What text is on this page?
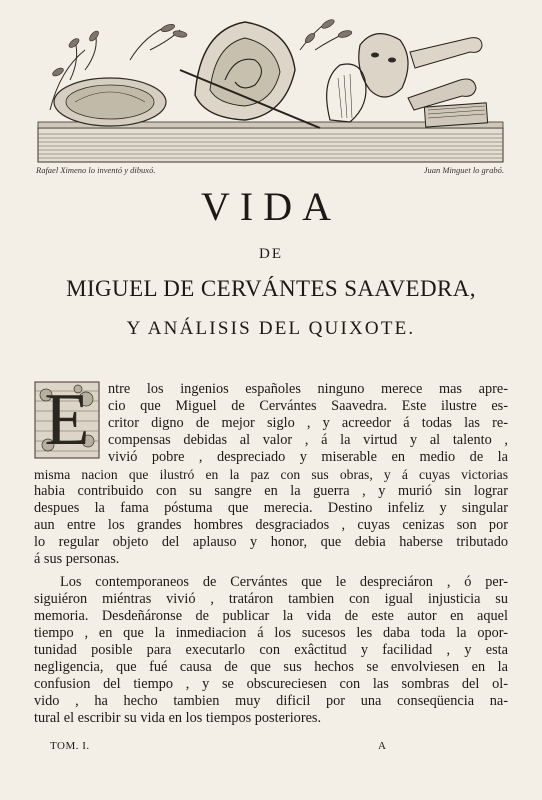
Rafael Ximeno lo inventó y dibuxó.	Juan Minguet lo grabó.
VIDA
DE
MIGUEL DE CERVÁNTES SAAVEDRA,
Y ANÁLISIS DEL QUIXOTE.
E	ntre los ingenios españoles ninguno merece mas apre-
cio que Miguel de Cervántes Saavedra. Este ilustre es-
critor digno de mejor siglo , y acreedor á todas las re-
compensas debidas al valor , á la virtud y al talento ,
vivió pobre , despreciado y miserable en medio de la
misma nacion que ilustró en la paz con sus obras, y á cuyas victorias
habia contribuido con su sangre en la guerra , y murió sin lograr
despues la fama póstuma que merecia. Destino infeliz y singular
aun entre los grandes hombres desgraciados , cuyas cenizas son por
lo regular objeto del aplauso y honor, que debia haberse tributado
á sus personas.
Los contemporaneos de Cervántes que le despreciáron , ó per-
siguiéron miéntras vivió , tratáron tambien con igual injusticia su
memoria. Desdeñáronse de publicar la vida de este autor en aquel
tiempo , en que la inmediacion á los sucesos les daba toda la opor-
tunidad posible para executarlo con exâctitud y facilidad , y esta
negligencia, que fué causa de que sus hechos se envolviesen en la
confusion del tiempo , y se obscureciesen con las sombras del ol-
vido , ha hecho tambien muy dificil por una conseqüencia na-
tural el escribir su vida en los tiempos posteriores.
TOM. I.	A
